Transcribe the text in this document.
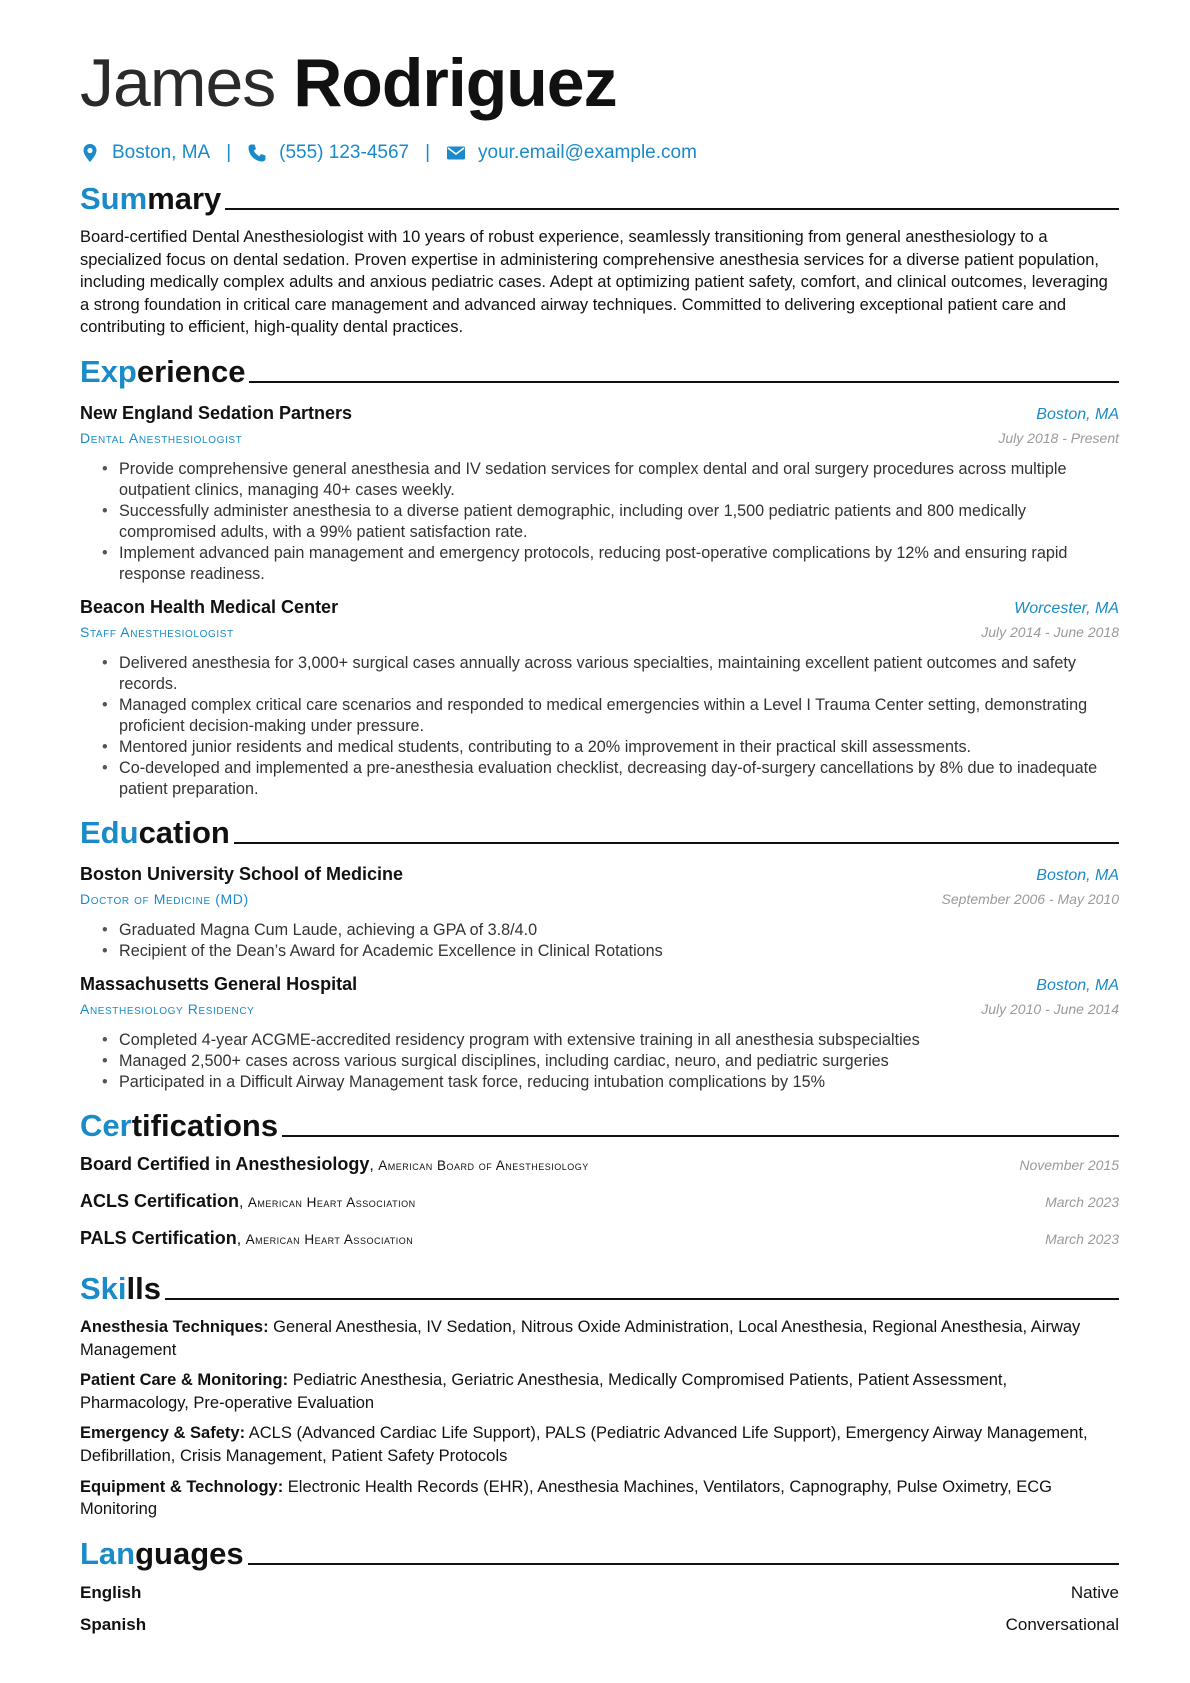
James Rodriguez
Boston, MA |	(555) 123-4567 |	your.email@example.com
Summary

Board-certified Dental Anesthesiologist with 10 years of robust experience, seamlessly transitioning from general anesthesiology to a specialized focus on dental sedation. Proven expertise in administering comprehensive anesthesia services for a diverse patient population, including medically complex adults and anxious pediatric cases. Adept at optimizing patient safety, comfort, and clinical outcomes, leveraging a strong foundation in critical care management and advanced airway techniques. Committed to delivering exceptional patient care and contributing to efficient, high-quality dental practices.

Experience
New England Sedation Partners	Boston, MA
Dental Anesthesiologist	July 2018 - Present
• Provide comprehensive general anesthesia and IV sedation services for complex dental and oral surgery procedures across multiple outpatient clinics, managing 40+ cases weekly.
• Successfully administer anesthesia to a diverse patient demographic, including over 1,500 pediatric patients and 800 medically compromised adults, with a 99% patient satisfaction rate.
• Implement advanced pain management and emergency protocols, reducing post-operative complications by 12% and ensuring rapid response readiness.
Beacon Health Medical Center	Worcester, MA
Staff Anesthesiologist	July 2014 - June 2018
• Delivered anesthesia for 3,000+ surgical cases annually across various specialties, maintaining excellent patient outcomes and safety records.
• Managed complex critical care scenarios and responded to medical emergencies within a Level I Trauma Center setting, demonstrating proficient decision-making under pressure.
• Mentored junior residents and medical students, contributing to a 20% improvement in their practical skill assessments.
• Co-developed and implemented a pre-anesthesia evaluation checklist, decreasing day-of-surgery cancellations by 8% due to inadequate patient preparation.
Education
Boston University School of Medicine	Boston, MA
Doctor of Medicine (MD)	September 2006 - May 2010
• Graduated Magna Cum Laude, achieving a GPA of 3.8/4.0
• Recipient of the Dean’s Award for Academic Excellence in Clinical Rotations
Massachusetts General Hospital	Boston, MA
Anesthesiology Residency	July 2010 - June 2014
• Completed 4-year ACGME-accredited residency program with extensive training in all anesthesia subspecialties
• Managed 2,500+ cases across various surgical disciplines, including cardiac, neuro, and pediatric surgeries
• Participated in a Difficult Airway Management task force, reducing intubation complications by 15%
Certifications
Board Certified in Anesthesiology, American Board of Anesthesiology	November 2015
ACLS Certification, American Heart Association	March 2023
PALS Certification, American Heart Association	March 2023
Skills
Anesthesia Techniques: General Anesthesia, IV Sedation, Nitrous Oxide Administration, Local Anesthesia, Regional Anesthesia, Airway Management
Patient Care & Monitoring: Pediatric Anesthesia, Geriatric Anesthesia, Medically Compromised Patients, Patient Assessment, Pharmacology, Pre-operative Evaluation
Emergency & Safety: ACLS (Advanced Cardiac Life Support), PALS (Pediatric Advanced Life Support), Emergency Airway Management, Defibrillation, Crisis Management, Patient Safety Protocols
Equipment & Technology: Electronic Health Records (EHR), Anesthesia Machines, Ventilators, Capnography, Pulse Oximetry, ECG Monitoring
Languages
English	Native
Spanish	Conversational
